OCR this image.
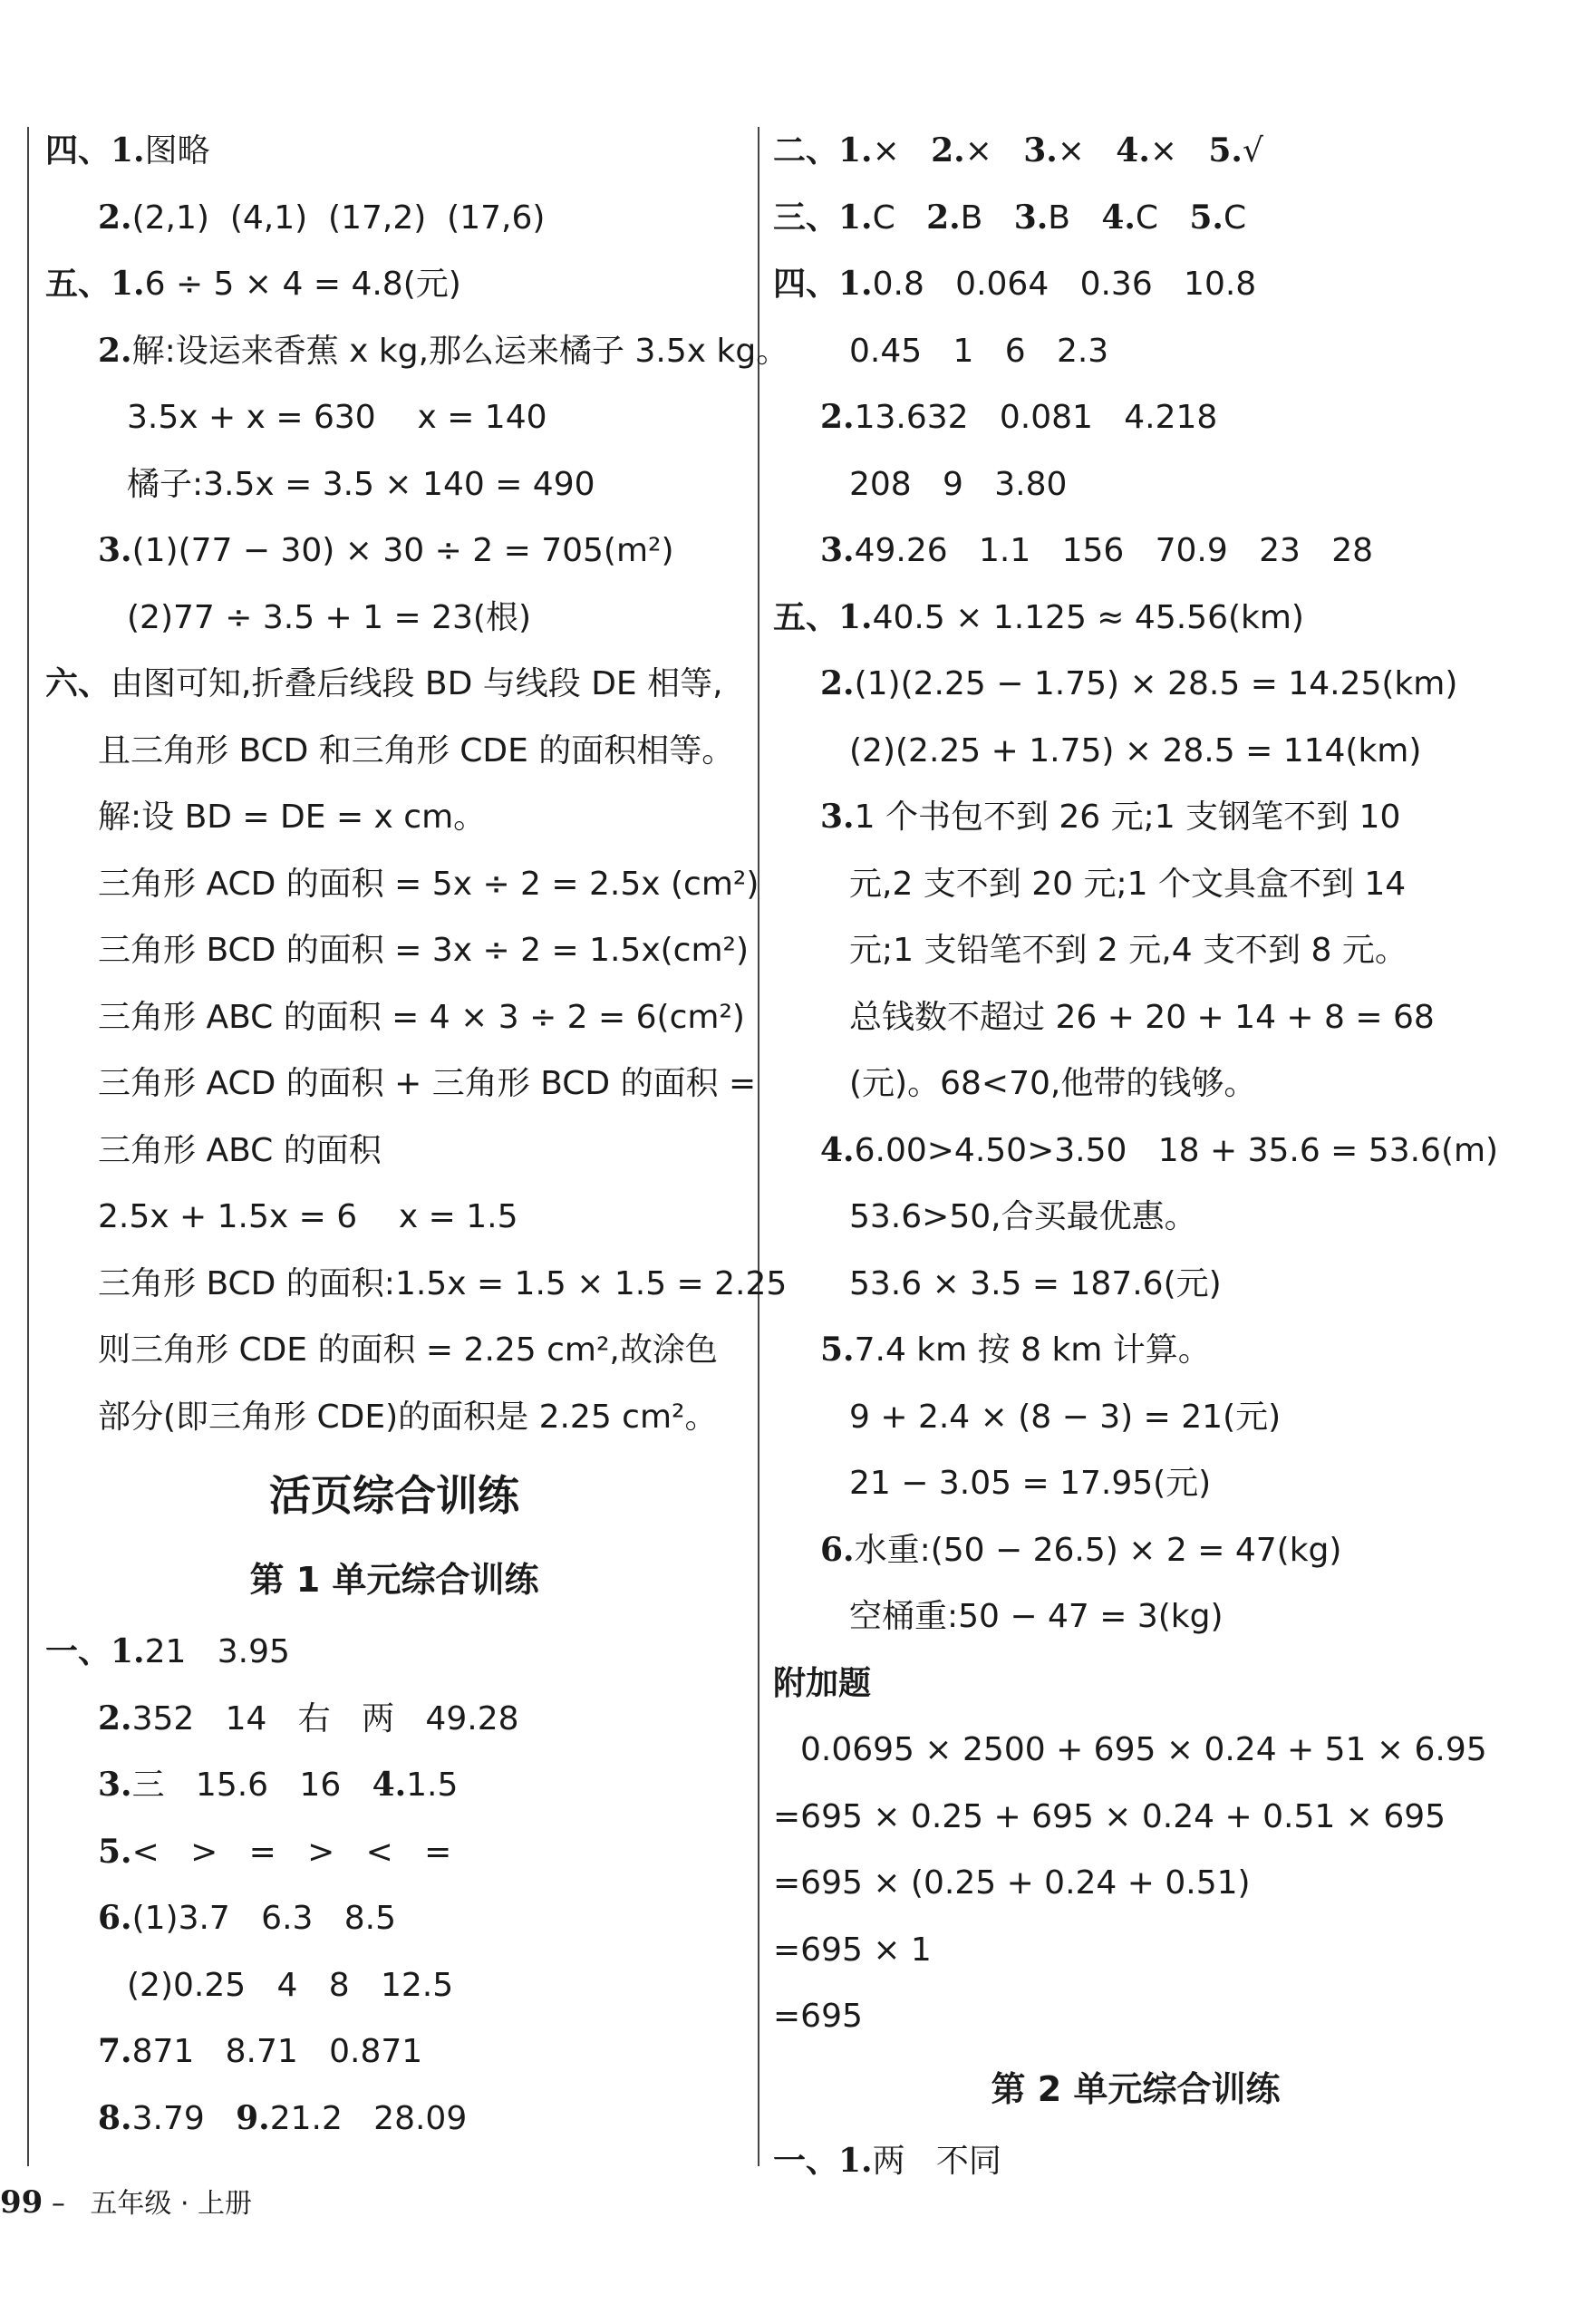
四、1.图略
2.(2,1)  (4,1)  (17,2)  (17,6)
五、1.6 ÷ 5 × 4 = 4.8(元)
2.解:设运来香蕉 x kg,那么运来橘子 3.5x kg。
3.5x + x = 630    x = 140
橘子:3.5x = 3.5 × 140 = 490
3.(1)(77 − 30) × 30 ÷ 2 = 705(m²)
(2)77 ÷ 3.5 + 1 = 23(根)
六、由图可知,折叠后线段 BD 与线段 DE 相等,
且三角形 BCD 和三角形 CDE 的面积相等。
解:设 BD = DE = x cm。
三角形 ACD 的面积 = 5x ÷ 2 = 2.5x (cm²)
三角形 BCD 的面积 = 3x ÷ 2 = 1.5x(cm²)
三角形 ABC 的面积 = 4 × 3 ÷ 2 = 6(cm²)
三角形 ACD 的面积 + 三角形 BCD 的面积 =
三角形 ABC 的面积
2.5x + 1.5x = 6    x = 1.5
三角形 BCD 的面积:1.5x = 1.5 × 1.5 = 2.25
则三角形 CDE 的面积 = 2.25 cm²,故涂色
部分(即三角形 CDE)的面积是 2.25 cm²。
活页综合训练
第 1 单元综合训练
一、1.21   3.95
2.352   14   右   两   49.28
3.三   15.6   16   4.1.5
5.<   >   =   >   <   =
6.(1)3.7   6.3   8.5
(2)0.25   4   8   12.5
7.871   8.71   0.871
8.3.79   9.21.2   28.09
二、1.×   2.×   3.×   4.×   5.√
三、1.C   2.B   3.B   4.C   5.C
四、1.0.8   0.064   0.36   10.8
0.45   1   6   2.3
2.13.632   0.081   4.218
208   9   3.80
3.49.26   1.1   156   70.9   23   28
五、1.40.5 × 1.125 ≈ 45.56(km)
2.(1)(2.25 − 1.75) × 28.5 = 14.25(km)
(2)(2.25 + 1.75) × 28.5 = 114(km)
3.1 个书包不到 26 元;1 支钢笔不到 10
元,2 支不到 20 元;1 个文具盒不到 14
元;1 支铅笔不到 2 元,4 支不到 8 元。
总钱数不超过 26 + 20 + 14 + 8 = 68
(元)。68<70,他带的钱够。
4.6.00>4.50>3.50   18 + 35.6 = 53.6(m)
53.6>50,合买最优惠。
53.6 × 3.5 = 187.6(元)
5.7.4 km 按 8 km 计算。
9 + 2.4 × (8 − 3) = 21(元)
21 − 3.05 = 17.95(元)
6.水重:(50 − 26.5) × 2 = 47(kg)
空桶重:50 − 47 = 3(kg)
附加题
0.0695 × 2500 + 695 × 0.24 + 51 × 6.95
=695 × 0.25 + 695 × 0.24 + 0.51 × 695
=695 × (0.25 + 0.24 + 0.51)
=695 × 1
=695
第 2 单元综合训练
一、1.两   不同
99 – 五年级 · 上册
